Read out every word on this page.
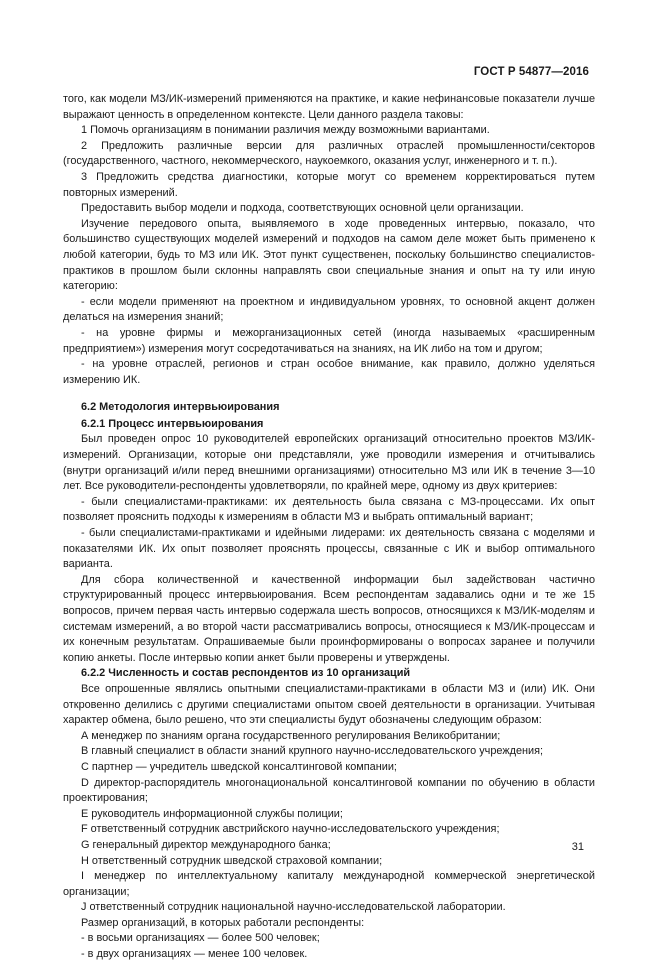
ГОСТ Р 54877—2016

того, как модели МЗ/ИК-измерений применяются на практике, и какие нефинансовые показатели лучше выражают ценность в определенном контексте. Цели данного раздела таковы:

1 Помочь организациям в понимании различия между возможными вариантами.

2 Предложить различные версии для различных отраслей промышленности/секторов (государственного, частного, некоммерческого, наукоемкого, оказания услуг, инженерного и т. п.).

3 Предложить средства диагностики, которые могут со временем корректироваться путем повторных измерений.

Предоставить выбор модели и подхода, соответствующих основной цели организации.

Изучение передового опыта, выявляемого в ходе проведенных интервью, показало, что большинство существующих моделей измерений и подходов на самом деле может быть применено к любой категории, будь то МЗ или ИК. Этот пункт существенен, поскольку большинство специалистов-практиков в прошлом были склонны направлять свои специальные знания и опыт на ту или иную категорию:

- если модели применяют на проектном и индивидуальном уровнях, то основной акцент должен делаться на измерения знаний;

- на уровне фирмы и межорганизационных сетей (иногда называемых «расширенным предприятием») измерения могут сосредотачиваться на знаниях, на ИК либо на том и другом;

- на уровне отраслей, регионов и стран особое внимание, как правило, должно уделяться измерению ИК.

6.2 Методология интервьюирования
6.2.1 Процесс интервьюирования

Был проведен опрос 10 руководителей европейских организаций относительно проектов МЗ/ИК-измерений. Организации, которые они представляли, уже проводили измерения и отчитывались (внутри организаций и/или перед внешними организациями) относительно МЗ или ИК в течение 3—10 лет. Все руководители-респонденты удовлетворяли, по крайней мере, одному из двух критериев:

- были специалистами-практиками: их деятельность была связана с МЗ-процессами. Их опыт позволяет прояснить подходы к измерениям в области МЗ и выбрать оптимальный вариант;

- были специалистами-практиками и идейными лидерами: их деятельность связана с моделями и показателями ИК. Их опыт позволяет прояснять процессы, связанные с ИК и выбор оптимального варианта.

Для сбора количественной и качественной информации был задействован частично структурированный процесс интервьюирования. Всем респондентам задавались одни и те же 15 вопросов, причем первая часть интервью содержала шесть вопросов, относящихся к МЗ/ИК-моделям и системам измерений, а во второй части рассматривались вопросы, относящиеся к МЗ/ИК-процессам и их конечным результатам. Опрашиваемые были проинформированы о вопросах заранее и получили копию анкеты. После интервью копии анкет были проверены и утверждены.

6.2.2 Численность и состав респондентов из 10 организаций

Все опрошенные являлись опытными специалистами-практиками в области МЗ и (или) ИК. Они откровенно делились с другими специалистами опытом своей деятельности в организации. Учитывая характер обмена, было решено, что эти специалисты будут обозначены следующим образом:

А менеджер по знаниям органа государственного регулирования Великобритании;

В главный специалист в области знаний крупного научно-исследовательского учреждения;

С партнер — учредитель шведской консалтинговой компании;

D директор-распорядитель многонациональной консалтинговой компании по обучению в области проектирования;

Е руководитель информационной службы полиции;

F ответственный сотрудник австрийского научно-исследовательского учреждения;

G генеральный директор международного банка;

Н ответственный сотрудник шведской страховой компании;

I менеджер по интеллектуальному капиталу международной коммерческой энергетической организации;

J ответственный сотрудник национальной научно-исследовательской лаборатории.

Размер организаций, в которых работали респонденты:

- в восьми организациях — более 500 человек;

- в двух организациях — менее 100 человек.

31
